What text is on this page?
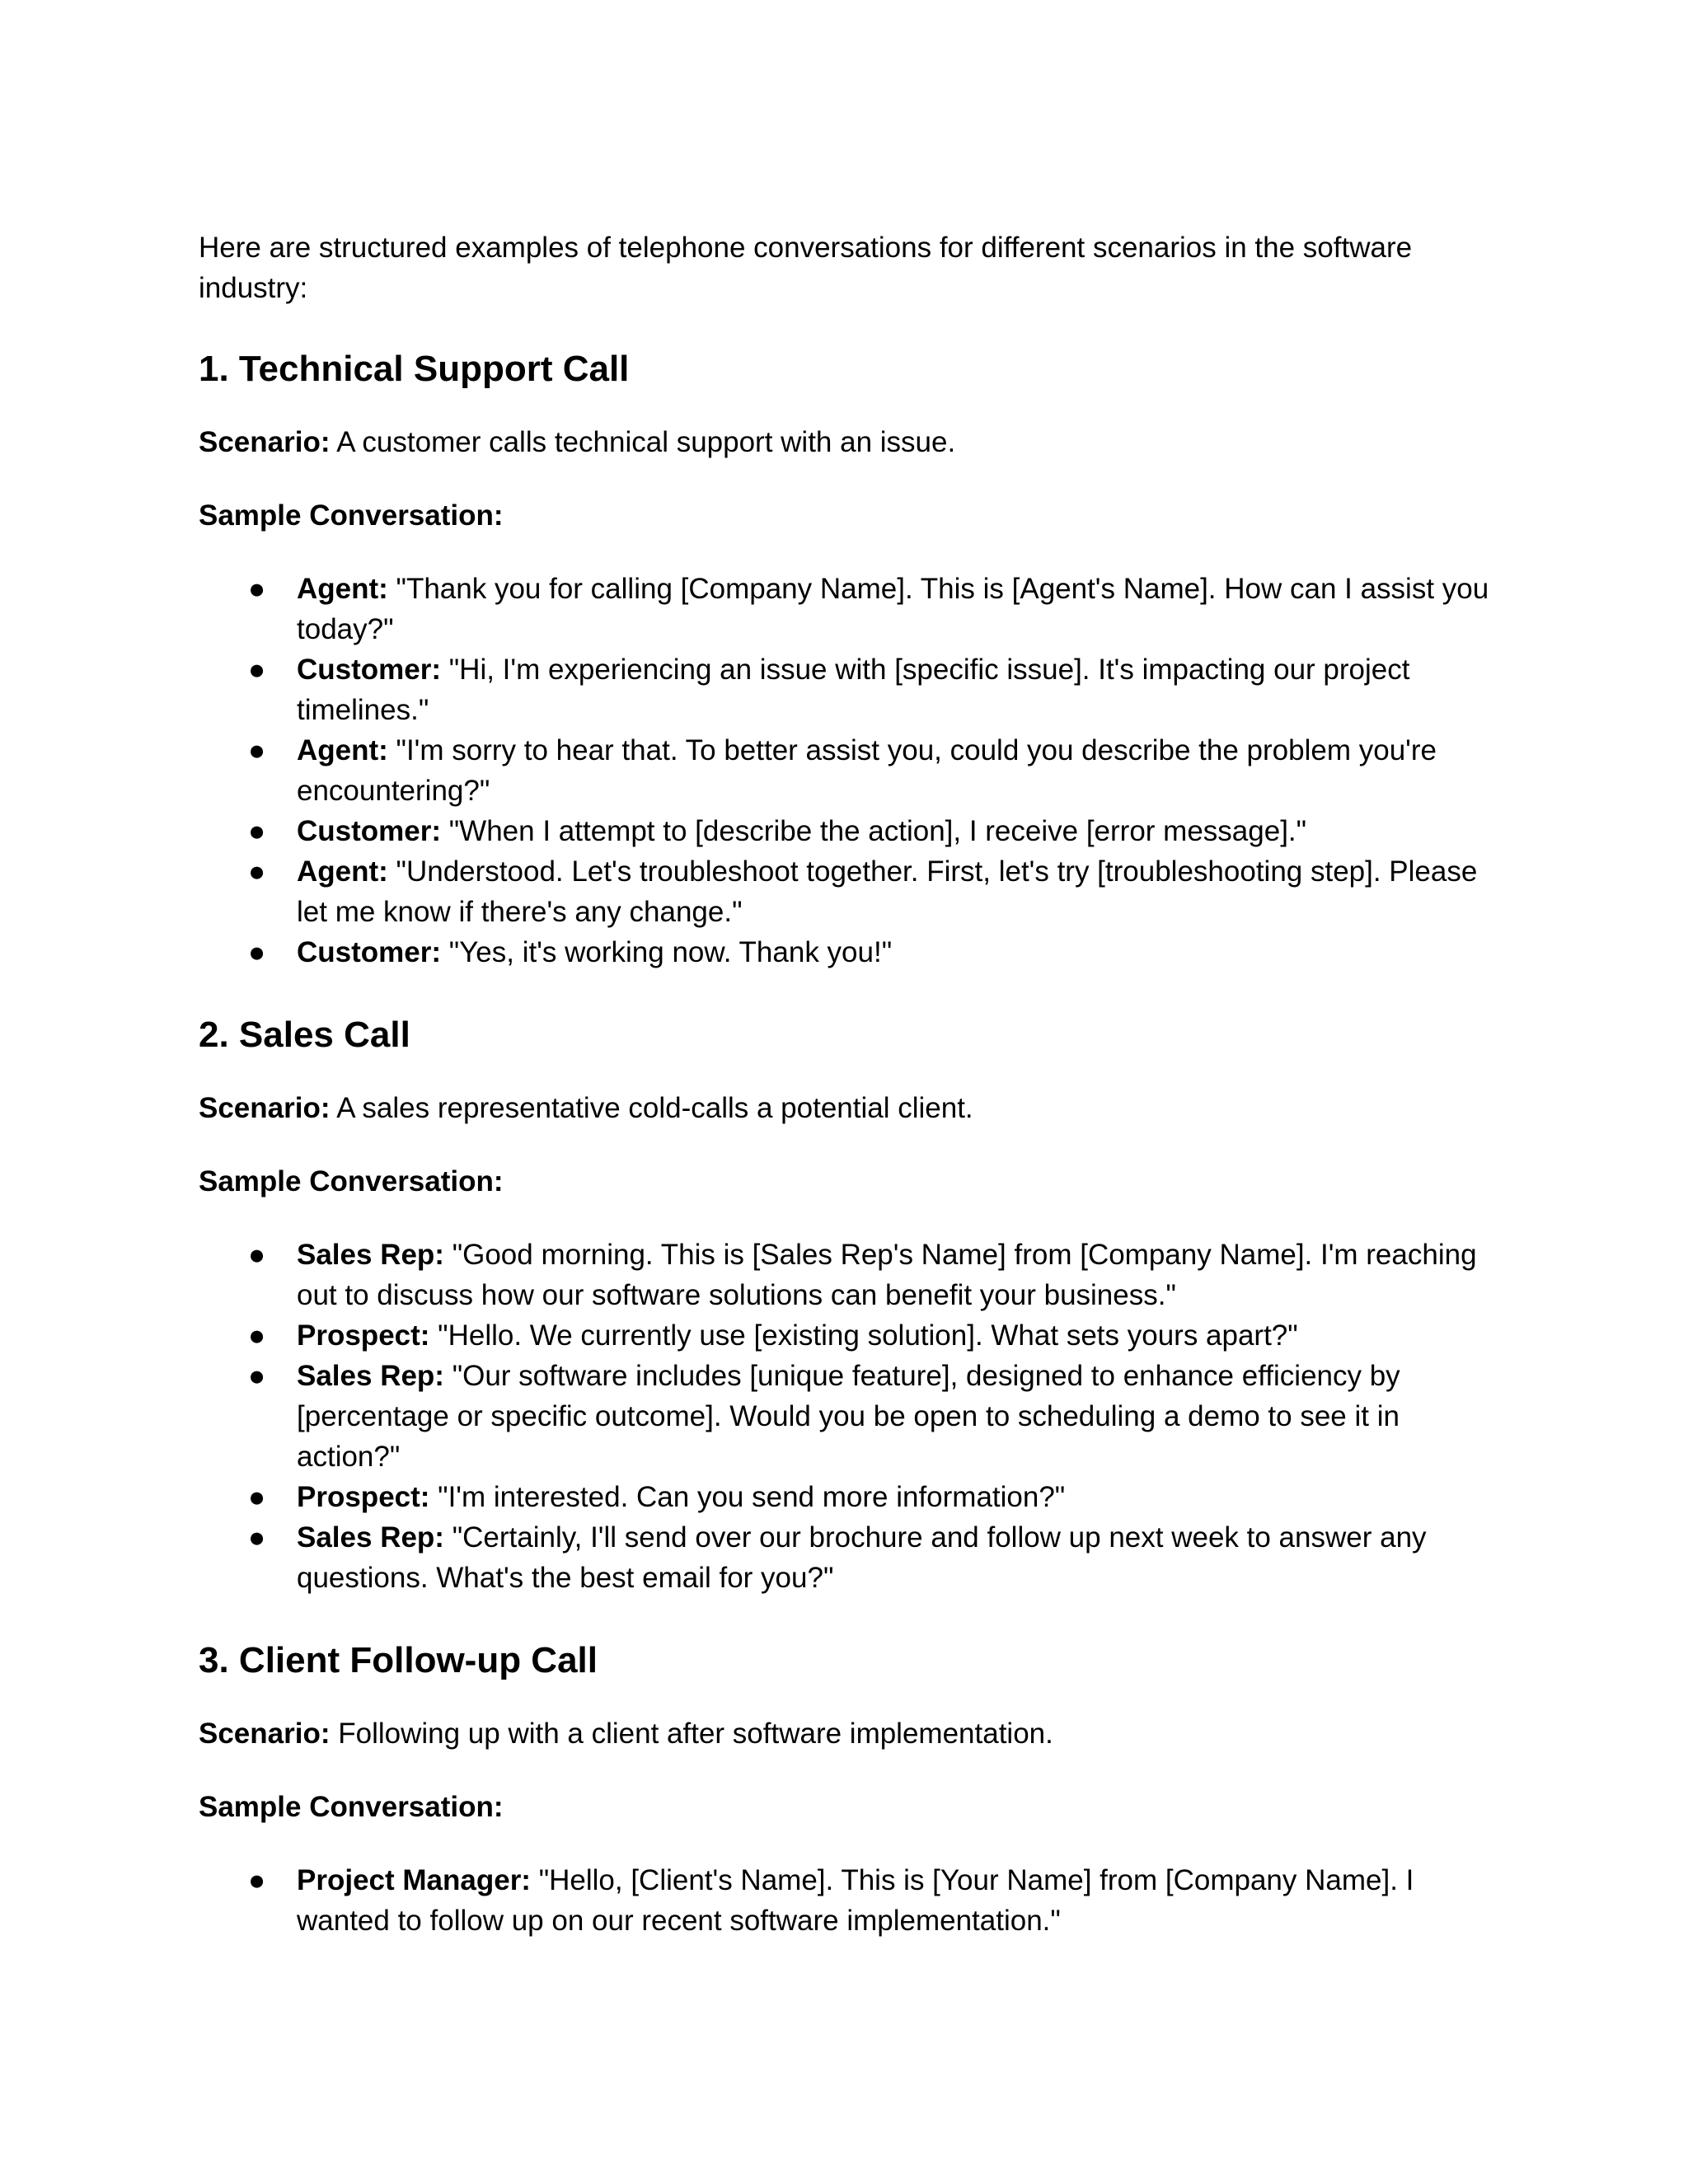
Here are structured examples of telephone conversations for different scenarios in the software industry:

1. Technical Support Call

Scenario: A customer calls technical support with an issue.

Sample Conversation:

● Agent: "Thank you for calling [Company Name]. This is [Agent's Name]. How can I assist you today?"
● Customer: "Hi, I'm experiencing an issue with [specific issue]. It's impacting our project timelines."
● Agent: "I'm sorry to hear that. To better assist you, could you describe the problem you're encountering?"
● Customer: "When I attempt to [describe the action], I receive [error message]."
● Agent: "Understood. Let's troubleshoot together. First, let's try [troubleshooting step]. Please let me know if there's any change."
● Customer: "Yes, it's working now. Thank you!"
2. Sales Call

Scenario: A sales representative cold-calls a potential client.

Sample Conversation:

● Sales Rep: "Good morning. This is [Sales Rep's Name] from [Company Name]. I'm reaching out to discuss how our software solutions can benefit your business."
● Prospect: "Hello. We currently use [existing solution]. What sets yours apart?"
● Sales Rep: "Our software includes [unique feature], designed to enhance efficiency by [percentage or specific outcome]. Would you be open to scheduling a demo to see it in action?"
● Prospect: "I'm interested. Can you send more information?"
● Sales Rep: "Certainly, I'll send over our brochure and follow up next week to answer any questions. What's the best email for you?"
3. Client Follow-up Call

Scenario: Following up with a client after software implementation.

Sample Conversation:

● Project Manager: "Hello, [Client's Name]. This is [Your Name] from [Company Name]. I wanted to follow up on our recent software implementation."
